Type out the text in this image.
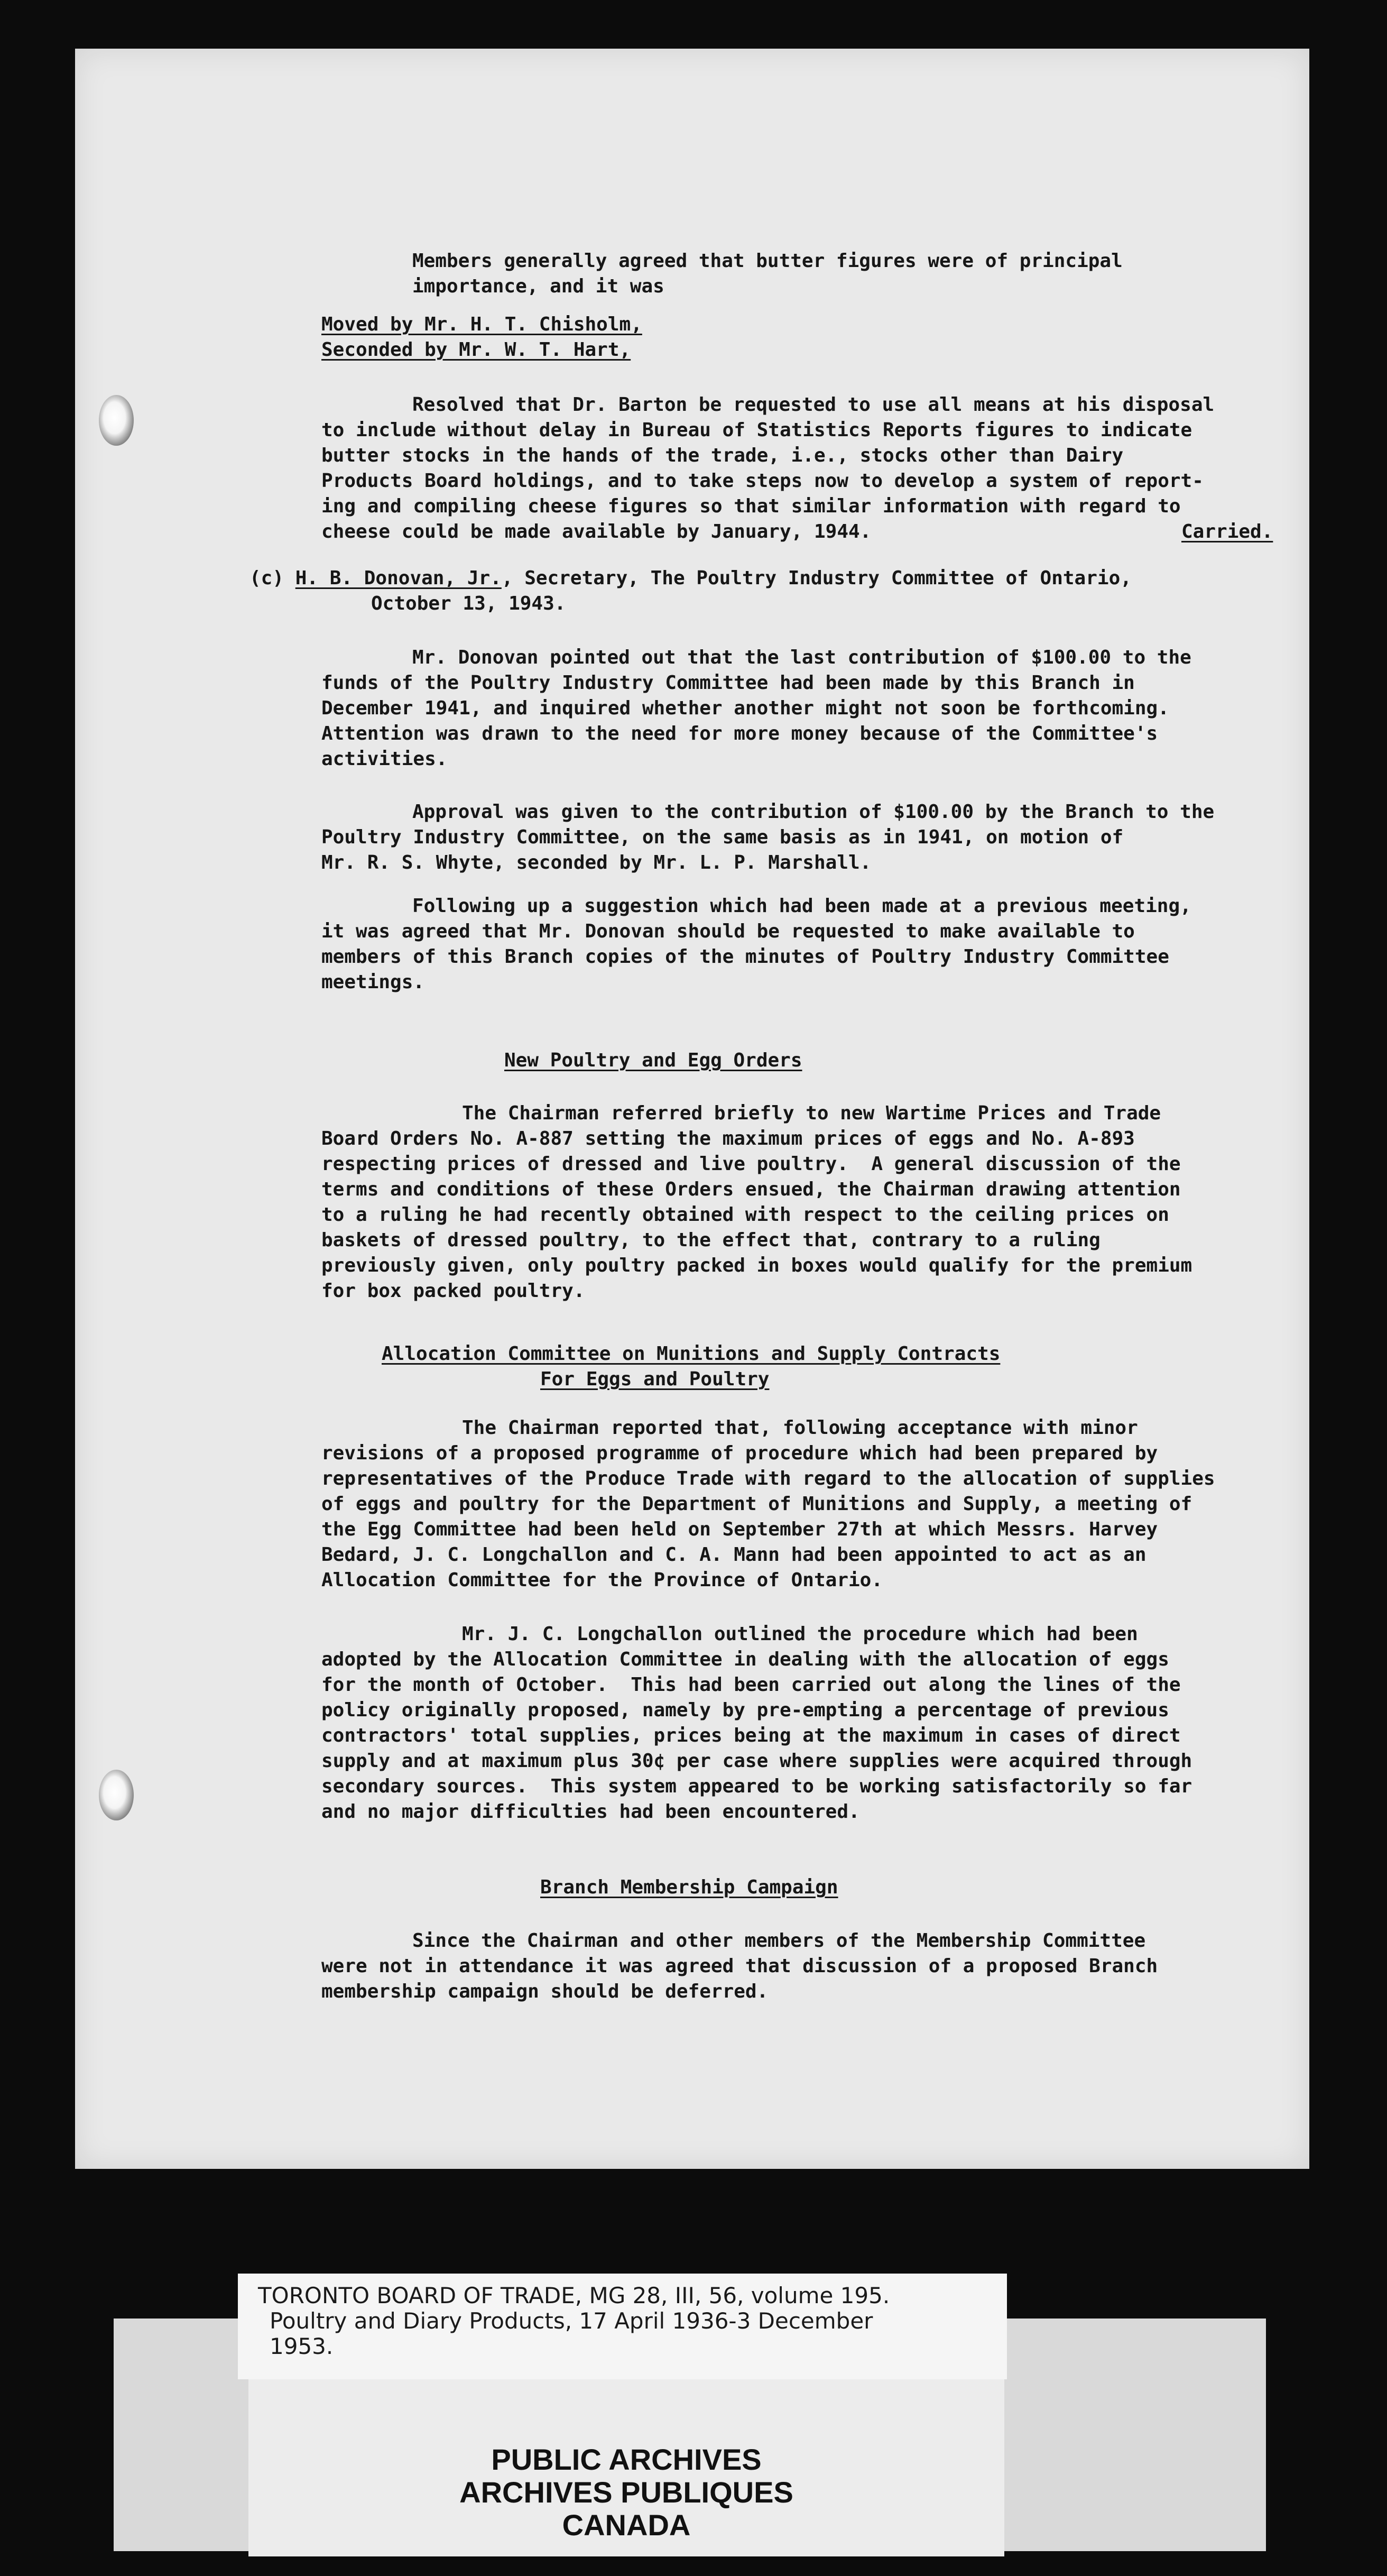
Members generally agreed that butter figures were of principal
importance, and it was

Moved by Mr. H. T. Chisholm,

Seconded by Mr. W. T. Hart,

Resolved that Dr. Barton be requested to use all means at his disposal
to include without delay in Bureau of Statistics Reports figures to indicate
butter stocks in the hands of the trade, i.e., stocks other than Dairy
Products Board holdings, and to take steps now to develop a system of report-
ing and compiling cheese figures so that similar information with regard to
cheese could be made available by January, 1944.	Carried.

(c) H. B. Donovan, Jr., Secretary, The Poultry Industry Committee of Ontario,

October 13, 1943.

Mr. Donovan pointed out that the last contribution of $100.00 to the
funds of the Poultry Industry Committee had been made by this Branch in
December 1941, and inquired whether another might not soon be forthcoming.
Attention was drawn to the need for more money because of the Committee's
activities.

Approval was given to the contribution of $100.00 by the Branch to the
Poultry Industry Committee, on the same basis as in 1941, on motion of
Mr. R. S. Whyte, seconded by Mr. L. P. Marshall.

Following up a suggestion which had been made at a previous meeting,
it was agreed that Mr. Donovan should be requested to make available to
members of this Branch copies of the minutes of Poultry Industry Committee
meetings.

New Poultry and Egg Orders

The Chairman referred briefly to new Wartime Prices and Trade
Board Orders No. A-887 setting the maximum prices of eggs and No. A-893
respecting prices of dressed and live poultry.  A general discussion of the
terms and conditions of these Orders ensued, the Chairman drawing attention
to a ruling he had recently obtained with respect to the ceiling prices on
baskets of dressed poultry, to the effect that, contrary to a ruling
previously given, only poultry packed in boxes would qualify for the premium
for box packed poultry.

Allocation Committee on Munitions and Supply Contracts

For Eggs and Poultry

The Chairman reported that, following acceptance with minor
revisions of a proposed programme of procedure which had been prepared by
representatives of the Produce Trade with regard to the allocation of supplies
of eggs and poultry for the Department of Munitions and Supply, a meeting of
the Egg Committee had been held on September 27th at which Messrs. Harvey
Bedard, J. C. Longchallon and C. A. Mann had been appointed to act as an
Allocation Committee for the Province of Ontario.

Mr. J. C. Longchallon outlined the procedure which had been
adopted by the Allocation Committee in dealing with the allocation of eggs
for the month of October.  This had been carried out along the lines of the
policy originally proposed, namely by pre-empting a percentage of previous
contractors' total supplies, prices being at the maximum in cases of direct
supply and at maximum plus 30¢ per case where supplies were acquired through
secondary sources.  This system appeared to be working satisfactorily so far
and no major difficulties had been encountered.

Branch Membership Campaign

Since the Chairman and other members of the Membership Committee
were not in attendance it was agreed that discussion of a proposed Branch
membership campaign should be deferred.

TORONTO BOARD OF TRADE, MG 28, III, 56, volume 195.
Poultry and Diary Products, 17 April 1936-3 December
1953.
PUBLIC ARCHIVES
ARCHIVES PUBLIQUES
CANADA
